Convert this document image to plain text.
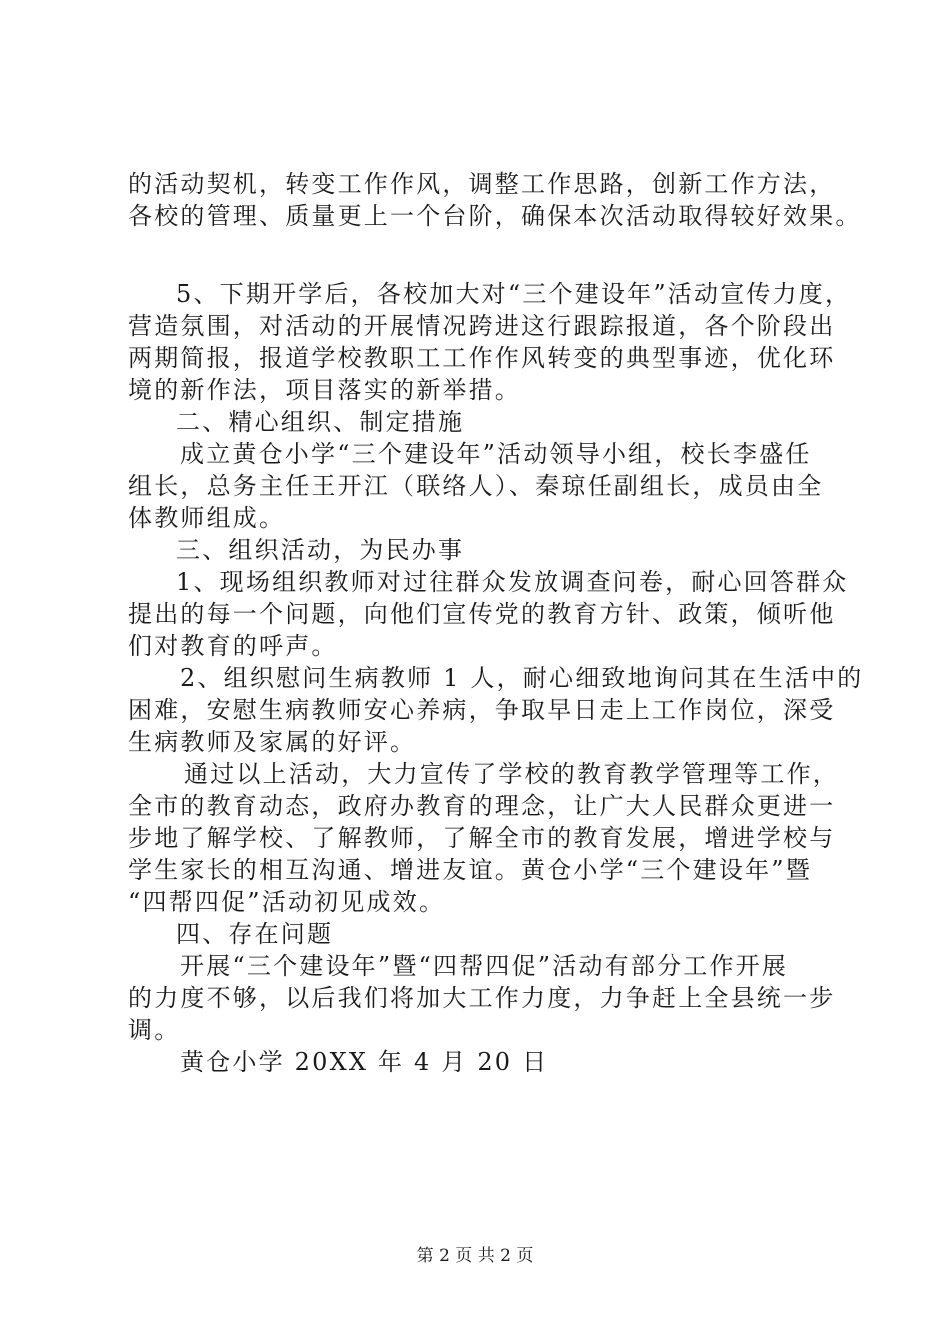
的活动契机，转变工作作风，调整工作思路，创新工作方法，
各校的管理、质量更上一个台阶，确保本次活动取得较好效果。
5、下期开学后，各校加大对“三个建设年”活动宣传力度，
营造氛围，对活动的开展情况跨进这行跟踪报道，各个阶段出
两期简报，报道学校教职工工作作风转变的典型事迹，优化环
境的新作法，项目落实的新举措。
二、精心组织、制定措施
成立黄仓小学“三个建设年”活动领导小组，校长李盛任
组长，总务主任王开江（联络人）、秦琼任副组长，成员由全
体教师组成。
三、组织活动，为民办事
1、现场组织教师对过往群众发放调查问卷，耐心回答群众
提出的每一个问题，向他们宣传党的教育方针、政策，倾听他
们对教育的呼声。
2、组织慰问生病教师 1 人，耐心细致地询问其在生活中的
困难，安慰生病教师安心养病，争取早日走上工作岗位，深受
生病教师及家属的好评。
通过以上活动，大力宣传了学校的教育教学管理等工作，
全市的教育动态，政府办教育的理念，让广大人民群众更进一
步地了解学校、了解教师，了解全市的教育发展，增进学校与
学生家长的相互沟通、增进友谊。黄仓小学“三个建设年”暨
“四帮四促”活动初见成效。
四、存在问题
开展“三个建设年”暨“四帮四促”活动有部分工作开展
的力度不够，以后我们将加大工作力度，力争赶上全县统一步
调。
黄仓小学 20XX 年 4 月 20 日
第 2 页 共 2 页
